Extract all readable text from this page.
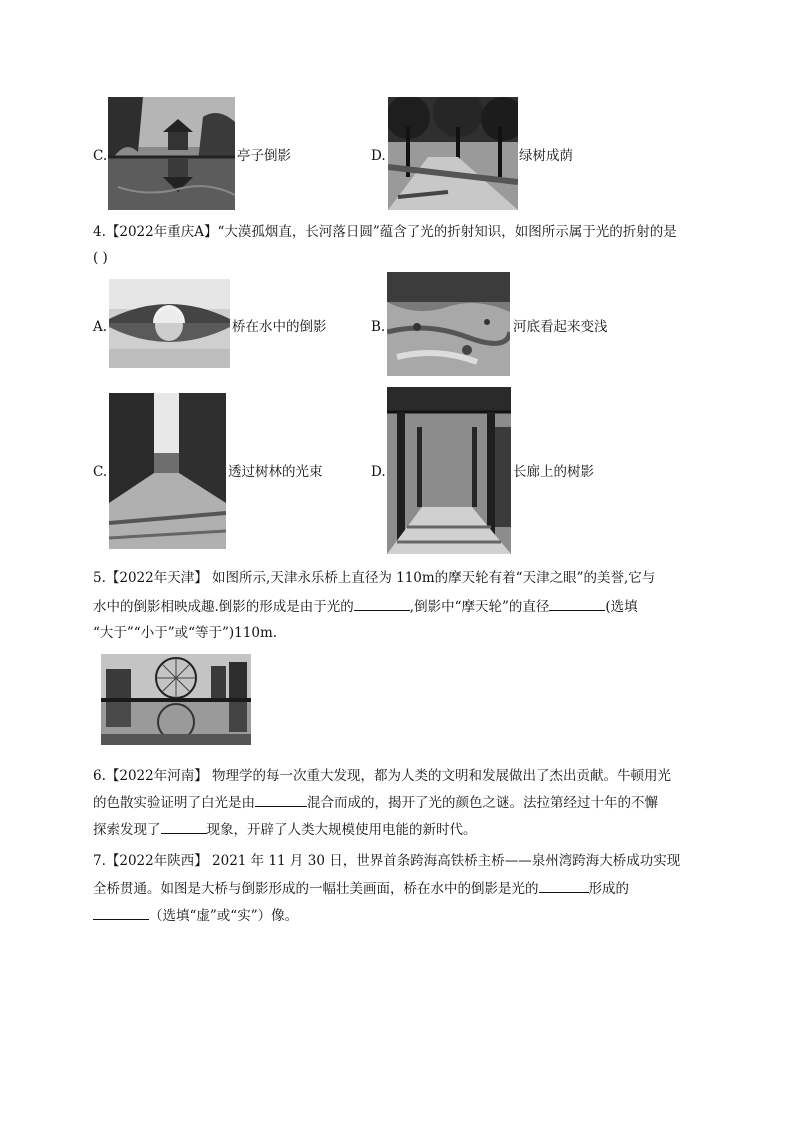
C.	亭子倒影	D.	绿树成荫
4.【2022年重庆A】“大漠孤烟直，长河落日圆”蕴含了光的折射知识，如图所示属于光的折射的是
( )
A.	桥在水中的倒影	B.	河底看起来变浅
C.	透过树林的光束	D.	长廊上的树影
5.【2022年天津】 如图所示,天津永乐桥上直径为 110m的摩天轮有着“天津之眼”的美誉,它与
水中的倒影相映成趣.倒影的形成是由于光的	,倒影中“摩天轮”的直径	(选填
“大于”“小于”或“等于”)110m.
6.【2022年河南】 物理学的每一次重大发现，都为人类的文明和发展做出了杰出贡献。牛顿用光
的色散实验证明了白光是由	混合而成的，揭开了光的颜色之谜。法拉第经过十年的不懈
探索发现了	现象，开辟了人类大规模使用电能的新时代。
7.【2022年陕西】 2021 年 11 月 30 日，世界首条跨海高铁桥主桥——泉州湾跨海大桥成功实现
全桥贯通。如图是大桥与倒影形成的一幅壮美画面，桥在水中的倒影是光的	形成的
（选填“虚”或“实”）像。
